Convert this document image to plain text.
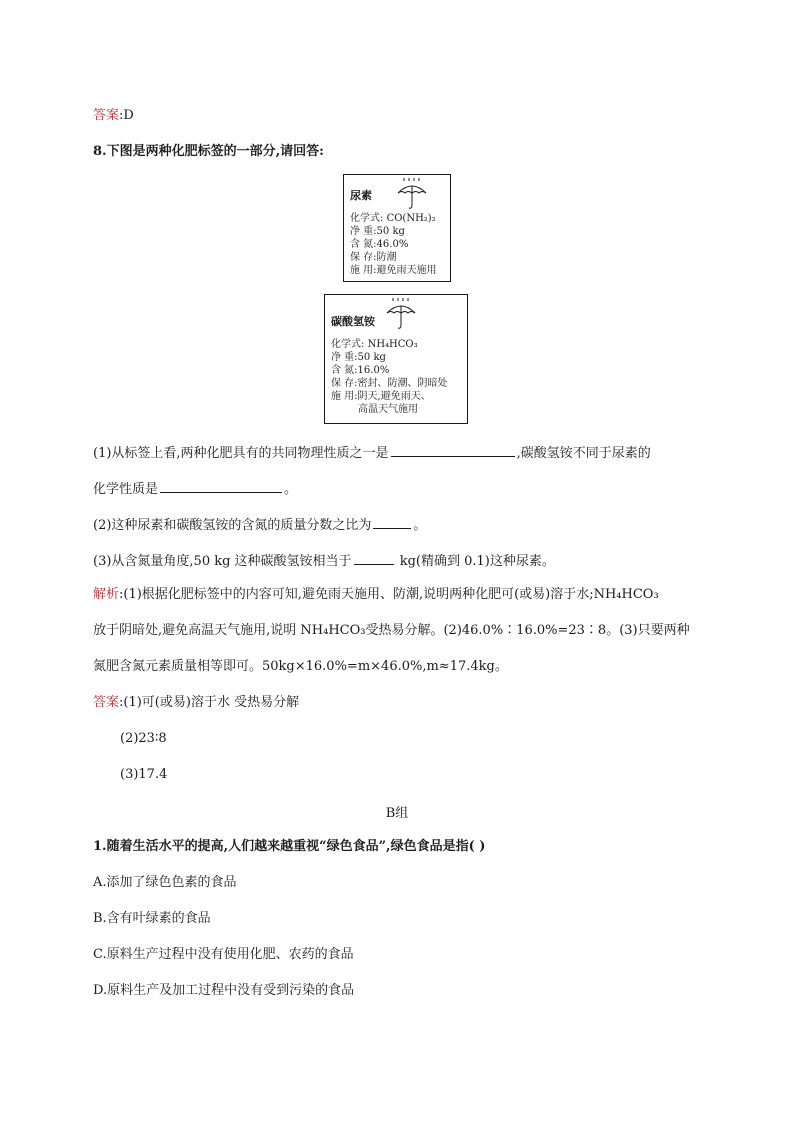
答案:D
8.下图是两种化肥标签的一部分,请回答:
尿素
化学式: CO(NH₂)₂
净 重:50 kg
含 氮:46.0%
保 存:防潮
施 用:避免雨天施用
碳酸氢铵
化学式: NH₄HCO₃
净 重:50 kg
含 氮:16.0%
保 存:密封、防潮、阴暗处
施 用:阴天,避免雨天、
高温天气施用
(1)从标签上看,两种化肥具有的共同物理性质之一是	,碳酸氢铵不同于尿素的
化学性质是	。
(2)这种尿素和碳酸氢铵的含氮的质量分数之比为	。
(3)从含氮量角度,50 kg 这种碳酸氢铵相当于	kg(精确到 0.1)这种尿素。
解析:(1)根据化肥标签中的内容可知,避免雨天施用、防潮,说明两种化肥可(或易)溶于水;NH₄HCO₃
放于阴暗处,避免高温天气施用,说明 NH₄HCO₃受热易分解。(2)46.0%∶16.0%=23∶8。(3)只要两种
氮肥含氮元素质量相等即可。50kg×16.0%=m×46.0%,m≈17.4kg。
答案:(1)可(或易)溶于水 受热易分解
(2)23∶8
(3)17.4
B组
1.随着生活水平的提高,人们越来越重视“绿色食品”,绿色食品是指( )
A.添加了绿色色素的食品
B.含有叶绿素的食品
C.原料生产过程中没有使用化肥、农药的食品
D.原料生产及加工过程中没有受到污染的食品
